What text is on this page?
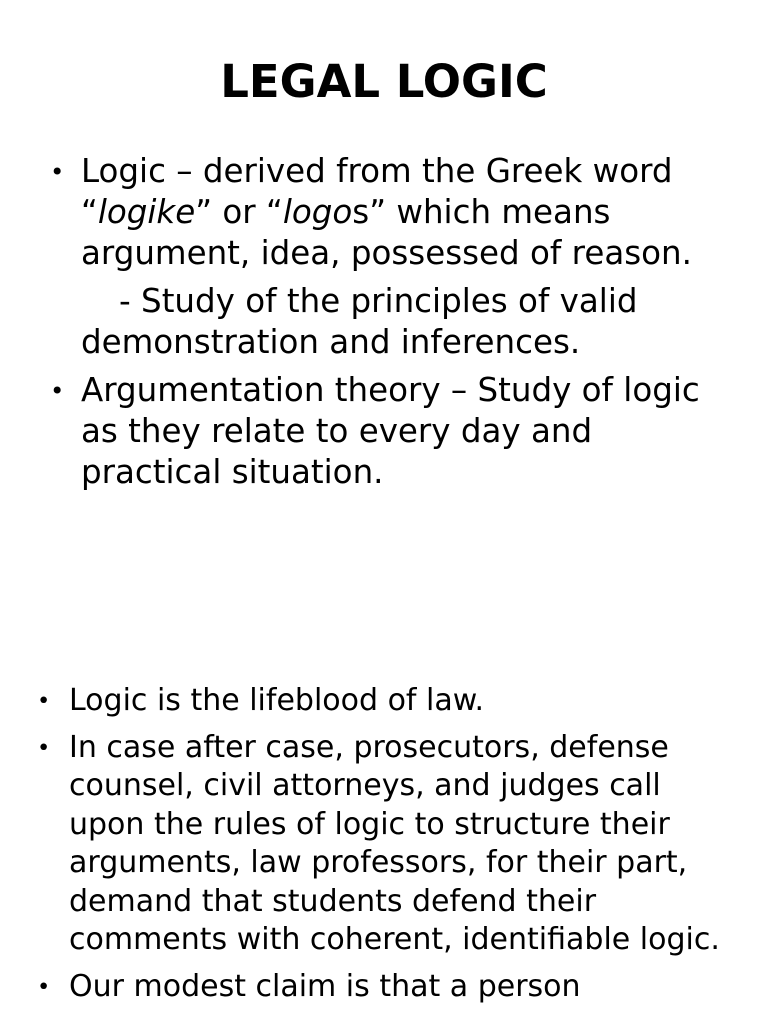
LEGAL LOGIC
• Logic – derived from the Greek word “logike” or “logos” which means argument, idea, possessed of reason.
- Study of the principles of valid demonstration and inferences.
• Argumentation theory – Study of logic as they relate to every day and practical situation.
• Logic is the lifeblood of law.
• In case after case, prosecutors, defense counsel, civil attorneys, and judges call upon the rules of logic to structure their arguments, law professors, for their part, demand that students defend their comments with coherent, identifiable logic.
• Our modest claim is that a person
